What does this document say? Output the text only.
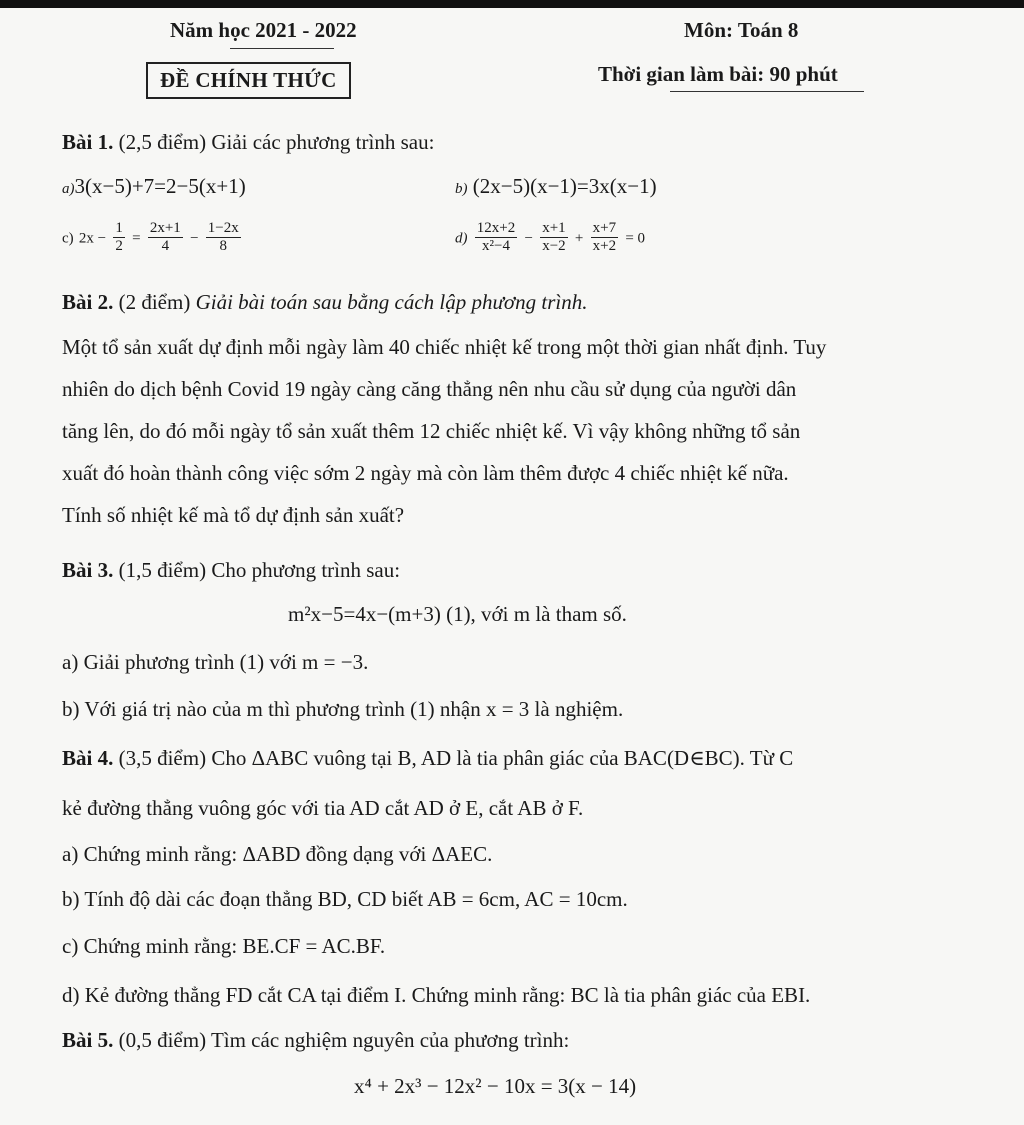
Năm học 2021 - 2022	Môn: Toán 8
ĐỀ CHÍNH THỨC	Thời gian làm bài: 90 phút
Bài 1. (2,5 điểm) Giải các phương trình sau:
a)3(x−5)+7=2−5(x+1)	b) (2x−5)(x−1)=3x(x−1)
c) $2x - \frac{1}{2} = \frac{2x+1}{4} - \frac{1-2x}{8}$	$d) \frac{12x+2}{\text{x²−4}} - \frac{x+1}{x-2} + \frac{x+7}{x+2} = 0$
Bài 2. (2 điểm) Giải bài toán sau bằng cách lập phương trình.
Một tổ sản xuất dự định mỗi ngày làm 40 chiếc nhiệt kế trong một thời gian nhất định. Tuy
nhiên do dịch bệnh Covid 19 ngày càng căng thẳng nên nhu cầu sử dụng của người dân
tăng lên, do đó mỗi ngày tổ sản xuất thêm 12 chiếc nhiệt kế. Vì vậy không những tổ sản
xuất đó hoàn thành công việc sớm 2 ngày mà còn làm thêm được 4 chiếc nhiệt kế nữa.
Tính số nhiệt kế mà tổ dự định sản xuất?
Bài 3. (1,5 điểm) Cho phương trình sau:
m²x−5=4x−(m+3) (1), với m là tham số.
a) Giải phương trình (1) với m = −3.
b) Với giá trị nào của m thì phương trình (1) nhận x = 3 là nghiệm.
Bài 4. (3,5 điểm) Cho ΔABC vuông tại B, AD là tia phân giác của BAC(D∈BC). Từ C
kẻ đường thẳng vuông góc với tia AD cắt AD ở E, cắt AB ở F.
a) Chứng minh rằng: ΔABD đồng dạng với ΔAEC.
b) Tính độ dài các đoạn thẳng BD, CD biết AB = 6cm, AC = 10cm.
c) Chứng minh rằng: BE.CF = AC.BF.
d) Kẻ đường thẳng FD cắt CA tại điểm I. Chứng minh rằng: BC là tia phân giác của EBI.
Bài 5. (0,5 điểm) Tìm các nghiệm nguyên của phương trình:
x⁴ + 2x³ − 12x² − 10x = 3(x − 14)
